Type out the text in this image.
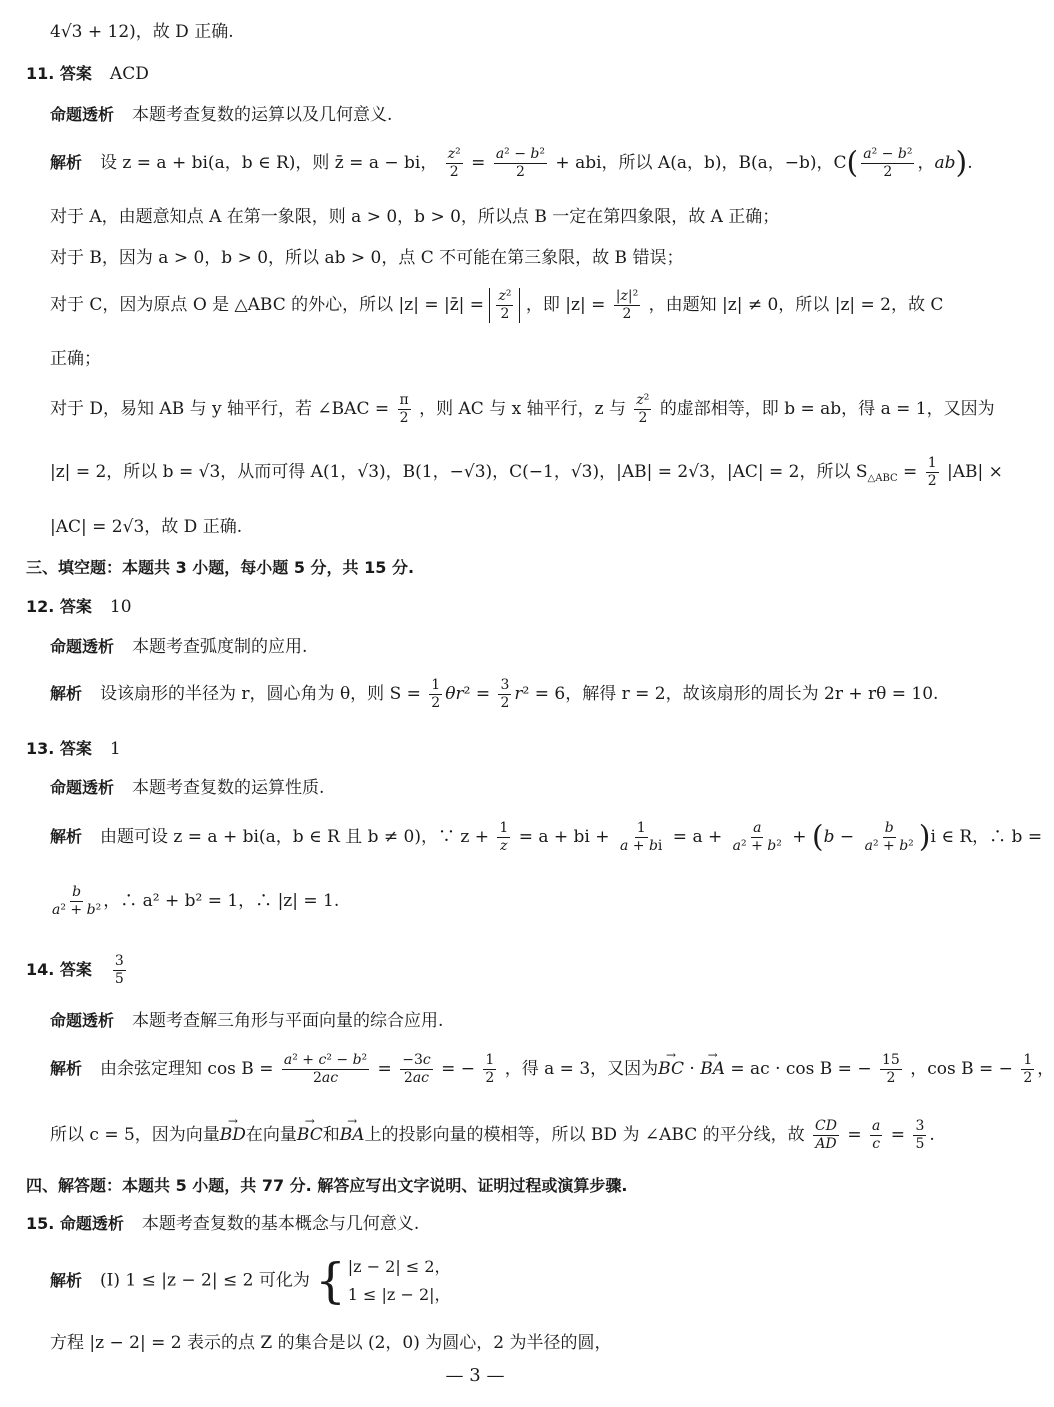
4√3 + 12)，故 D 正确.
11. 答案 ACD
命题透析 本题考查复数的运算以及几何意义.
解析 设 z = a + bi(a，b ∈ R)，则 z̄ = a − bi， $\frac{\text{z²}}{2} = \frac{\text{a² − b²}}{2}$ + abi，所以 A(a，b)，B(a，−b)，$C( \frac{\text{a² − b²}}{2}$ ，ab).
对于 A，由题意知点 A 在第一象限，则 a > 0，b > 0，所以点 B 一定在第四象限，故 A 正确；
对于 B，因为 a > 0，b > 0，所以 ab > 0，点 C 不可能在第三象限，故 B 错误；
对于 C，因为原点 O 是 △ABC 的外心，所以 |z| = |z̄| = $\frac{\text{z²}}{2}$ ，即 $|z| = \frac{\text{|z|²}}{2}$ ，由题知 |z| ≠ 0，所以 |z| = 2，故 C
正确；
对于 D，易知 AB 与 y 轴平行，若 ∠BAC = $\frac{\pi}{2}$ ，则 AC 与 x 轴平行，z 与 $\frac{\text{z²}}{2}$ 的虚部相等，即 b = ab，得 a = 1，又因为
|z| = 2，所以 b = √3，从而可得 A(1，√3)，B(1，−√3)，C(−1，√3)，|AB| = 2√3，|AC| = 2，所以 $S_{\triangle ABC} = \frac{1}{2} |AB|$ ×
|AC| = 2√3，故 D 正确.
三、填空题：本题共 3 小题，每小题 5 分，共 15 分.
12. 答案 10
命题透析 本题考查弧度制的应用.
解析 设该扇形的半径为 r，圆心角为 θ，则 $S = \frac{1}{2} \theta r^2 = \frac{3}{2} r^2 = 6$，解得 r = 2，故该扇形的周长为 2r + rθ = 10.
13. 答案 1
命题透析 本题考查复数的运算性质.
解析 由题可设 z = a + bi(a，b ∈ R 且 b ≠ 0)，∵ $z + \frac{1}{z} = a$ + bi + $\frac{1}{a + bi} = a + \frac{a}{\text{a² + b²}} + (b - \frac{b}{\text{a² + b²}} )i$ ∈ R，∴ b =
$\frac{b}{\text{a² + b²}}$ ，∴ a² + b² = 1，∴ |z| = 1.
14. 答案 $\frac{3}{5}$
命题透析 本题考查解三角形与平面向量的综合应用.
解析 由余弦定理知 $\cos B = \frac{\text{a² + c² − b²}}{2ac} = \frac{-3c}{2ac}$ = − $\frac{1}{2}$ ，得 a = 3，又因为→ BC · → BA = ac · cos B = − $\frac{15}{2}$ ，cos B = − $\frac{1}{2}$ ，
所以 c = 5，因为向量→ BD在向量→ BC和→ BA上的投影向量的模相等，所以 BD 为 ∠ABC 的平分线，故 $\frac{CD}{AD} = \frac{a}{c} = \frac{3}{5}$ .
四、解答题：本题共 5 小题，共 77 分. 解答应写出文字说明、证明过程或演算步骤.
15. 命题透析 本题考查复数的基本概念与几何意义.
解析 (Ⅰ) 1 ≤ |z − 2| ≤ 2 可化为 { |z − 2| ≤ 2，
1 ≤ |z − 2|，
方程 |z − 2| = 2 表示的点 Z 的集合是以 (2，0) 为圆心，2 为半径的圆，
— 3 —
